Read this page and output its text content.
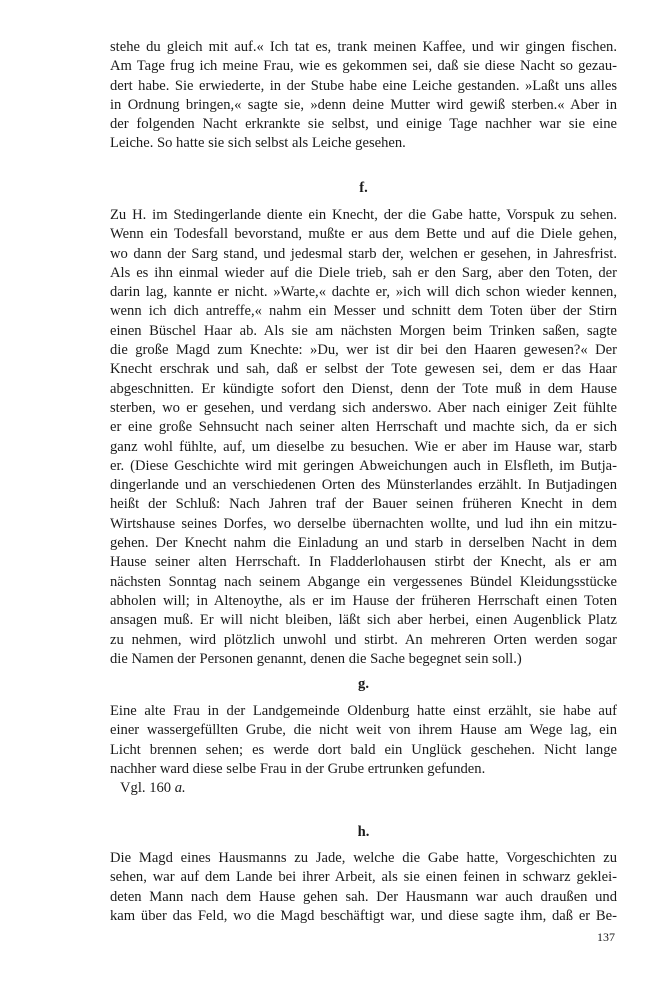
stehe du gleich mit auf.« Ich tat es, trank meinen Kaffee, und wir gingen fischen.
Am Tage frug ich meine Frau, wie es gekommen sei, daß sie diese Nacht so gezau-
dert habe. Sie erwiederte, in der Stube habe eine Leiche gestanden. »Laßt uns alles
in Ordnung bringen,« sagte sie, »denn deine Mutter wird gewiß sterben.« Aber in
der folgenden Nacht erkrankte sie selbst, und einige Tage nachher war sie eine
Leiche. So hatte sie sich selbst als Leiche gesehen.
f.
Zu H. im Stedingerlande diente ein Knecht, der die Gabe hatte, Vorspuk zu sehen.
Wenn ein Todesfall bevorstand, mußte er aus dem Bette und auf die Diele gehen,
wo dann der Sarg stand, und jedesmal starb der, welchen er gesehen, in Jahresfrist.
Als es ihn einmal wieder auf die Diele trieb, sah er den Sarg, aber den Toten, der
darin lag, kannte er nicht. »Warte,« dachte er, »ich will dich schon wieder kennen,
wenn ich dich antreffe,« nahm ein Messer und schnitt dem Toten über der Stirn
einen Büschel Haar ab. Als sie am nächsten Morgen beim Trinken saßen, sagte
die große Magd zum Knechte: »Du, wer ist dir bei den Haaren gewesen?« Der
Knecht erschrak und sah, daß er selbst der Tote gewesen sei, dem er das Haar
abgeschnitten. Er kündigte sofort den Dienst, denn der Tote muß in dem Hause
sterben, wo er gesehen, und verdang sich anderswo. Aber nach einiger Zeit fühlte
er eine große Sehnsucht nach seiner alten Herrschaft und machte sich, da er sich
ganz wohl fühlte, auf, um dieselbe zu besuchen. Wie er aber im Hause war, starb
er. (Diese Geschichte wird mit geringen Abweichungen auch in Elsfleth, im Butja-
dingerlande und an verschiedenen Orten des Münsterlandes erzählt. In Butjadingen
heißt der Schluß: Nach Jahren traf der Bauer seinen früheren Knecht in dem
Wirtshause seines Dorfes, wo derselbe übernachten wollte, und lud ihn ein mitzu-
gehen. Der Knecht nahm die Einladung an und starb in derselben Nacht in dem
Hause seiner alten Herrschaft. In Fladderlohausen stirbt der Knecht, als er am
nächsten Sonntag nach seinem Abgange ein vergessenes Bündel Kleidungsstücke
abholen will; in Altenoythe, als er im Hause der früheren Herrschaft einen Toten
ansagen muß. Er will nicht bleiben, läßt sich aber herbei, einen Augenblick Platz
zu nehmen, wird plötzlich unwohl und stirbt. An mehreren Orten werden sogar
die Namen der Personen genannt, denen die Sache begegnet sein soll.)
g.
Eine alte Frau in der Landgemeinde Oldenburg hatte einst erzählt, sie habe auf
einer wassergefüllten Grube, die nicht weit von ihrem Hause am Wege lag, ein
Licht brennen sehen; es werde dort bald ein Unglück geschehen. Nicht lange
nachher ward diese selbe Frau in der Grube ertrunken gefunden.
Vgl. 160 a.
h.
Die Magd eines Hausmanns zu Jade, welche die Gabe hatte, Vorgeschichten zu
sehen, war auf dem Lande bei ihrer Arbeit, als sie einen feinen in schwarz geklei-
deten Mann nach dem Hause gehen sah. Der Hausmann war auch draußen und
kam über das Feld, wo die Magd beschäftigt war, und diese sagte ihm, daß er Be-
137
